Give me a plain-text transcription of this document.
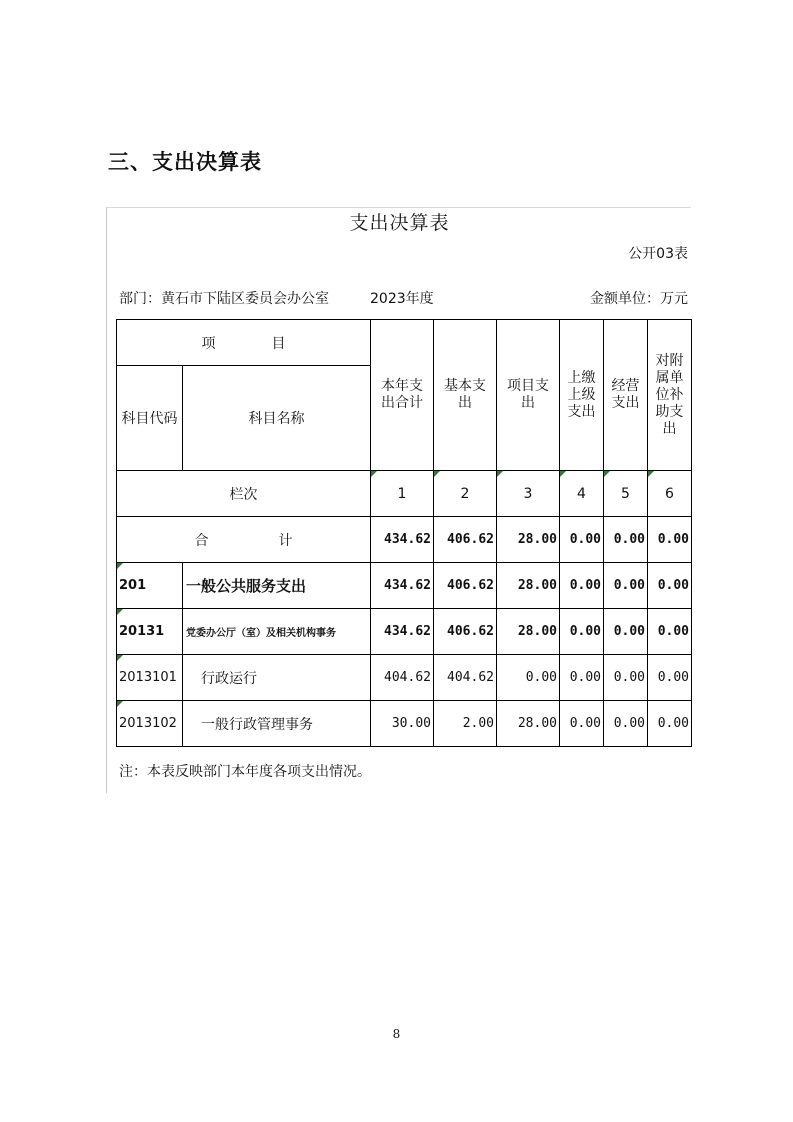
三、支出决算表
支出决算表
公开03表
部门：黄石市下陆区委员会办公室	2023年度	金额单位：万元
项　　　　目		本年支出合计	基本支出	项目支出	上缴上级支出	经营支出	对附属单位补助支出

科目代码	科目名称						
栏次		1	2	3	4	5	6
合　　　　　计		434.62	406.62	28.00	0.00	0.00	0.00
201	一般公共服务支出	434.62	406.62	28.00	0.00	0.00	0.00
20131	党委办公厅（室）及相关机构事务	434.62	406.62	28.00	0.00	0.00	0.00
2013101	行政运行	404.62	404.62	0.00	0.00	0.00	0.00
2013102	一般行政管理事务	30.00	2.00	28.00	0.00	0.00	0.00
注：本表反映部门本年度各项支出情况。
8
